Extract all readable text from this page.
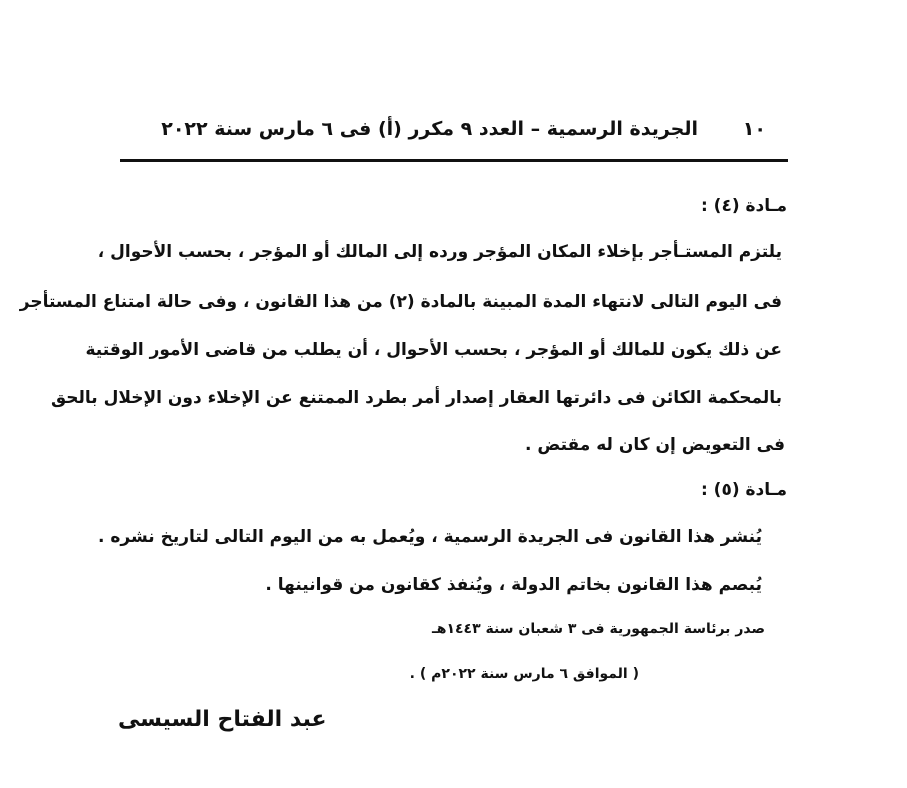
١٠
الجريدة الرسمية – العدد ٩ مكرر (أ) فى ٦ مارس سنة ٢٠٢٢
مـادة (٤) :
يلتزم المستـأجر بإخلاء المكان المؤجر ورده إلى المالك أو المؤجر ، بحسب الأحوال ،
فى اليوم التالى لانتهاء المدة المبينة بالمادة (٢) من هذا القانون ، وفى حالة امتناع المستأجر
عن ذلك يكون للمالك أو المؤجر ، بحسب الأحوال ، أن يطلب من قاضى الأمور الوقتية
بالمحكمة الكائن فى دائرتها العقار إصدار أمر بطرد الممتنع عن الإخلاء دون الإخلال بالحق
فى التعويض إن كان له مقتض .
مـادة (٥) :
يُنشر هذا القانون فى الجريدة الرسمية ، ويُعمل به من اليوم التالى لتاريخ نشره .
يُبصم هذا القانون بخاتم الدولة ، ويُنفذ كقانون من قوانينها .
صدر برئاسة الجمهورية فى ٣ شعبان سنة ١٤٤٣هـ
( الموافق ٦ مارس سنة ٢٠٢٢م ) .
عبد الفتاح السيسى
